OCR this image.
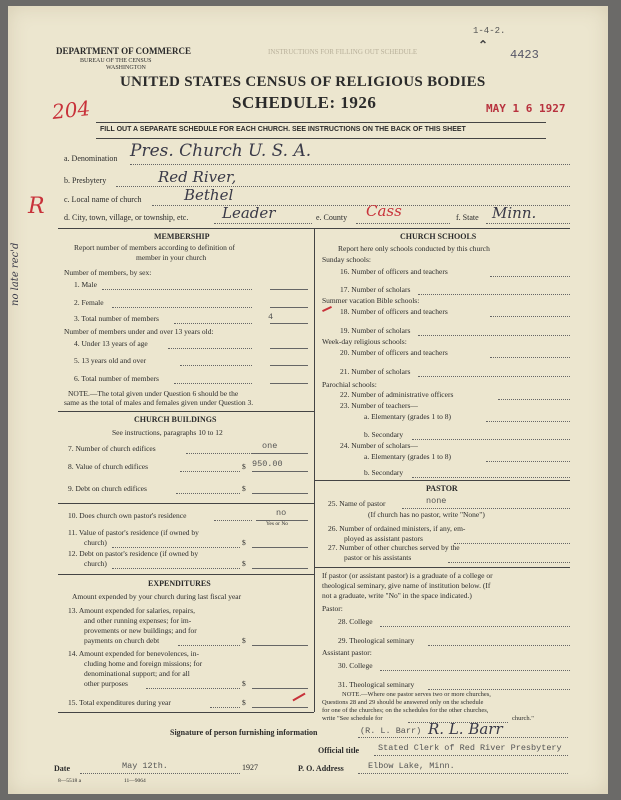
1-4-2.
⌃
4423
INSTRUCTIONS FOR FILLING OUT SCHEDULE
DEPARTMENT OF COMMERCE
BUREAU OF THE CENSUS
WASHINGTON
UNITED STATES CENSUS OF RELIGIOUS BODIES
SCHEDULE: 1926
204	MAY 1 6 1927
FILL OUT A SEPARATE SCHEDULE FOR EACH CHURCH. SEE INSTRUCTIONS ON THE BACK OF THIS SHEET
a. Denomination Pres. Church U. S. A.
b. Presbytery	Red River,
c. Local name of church	Bethel
d. City, town, village, or township, etc. Leader	e. County Cass	f. State Minn.
R
no late rec'd
MEMBERSHIP
Report number of members according to definition of
member in your church
Number of members, by sex:
1. Male
2. Female
3. Total number of members	4
Number of members under and over 13 years old:
4. Under 13 years of age
5. 13 years old and over
6. Total number of members
NOTE.—The total given under Question 6 should be the
same as the total of males and females given under Question 3.
CHURCH BUILDINGS
See instructions, paragraphs 10 to 12
7. Number of church edifices	one
8. Value of church edifices	$ 950.00
9. Debt on church edifices	$
10. Does church own pastor's residence	no
Yes or No
11. Value of pastor's residence (if owned by
church)	$
12. Debt on pastor's residence (if owned by
church)	$
EXPENDITURES
Amount expended by your church during last fiscal year
13. Amount expended for salaries, repairs,
and other running expenses; for im-
provements or new buildings; and for
payments on church debt	$
14. Amount expended for benevolences, in-
cluding home and foreign missions; for
denominational support; and for all
other purposes	$
15. Total expenditures during year	$
CHURCH SCHOOLS
Report here only schools conducted by this church
Sunday schools:
16. Number of officers and teachers
17. Number of scholars
Summer vacation Bible schools:
18. Number of officers and teachers
19. Number of scholars
Week-day religious schools:
20. Number of officers and teachers
21. Number of scholars
Parochial schools:
22. Number of administrative officers
23. Number of teachers—
a. Elementary (grades 1 to 8)
b. Secondary
24. Number of scholars—
a. Elementary (grades 1 to 8)
b. Secondary
PASTOR
25. Name of pastor	none
(If church has no pastor, write "None")
26. Number of ordained ministers, if any, em-
ployed as assistant pastors
27. Number of other churches served by the
pastor or his assistants
If pastor (or assistant pastor) is a graduate of a college or
theological seminary, give name of institution below. (If
not a graduate, write "No" in the space indicated.)
Pastor:
28. College
29. Theological seminary
Assistant pastor:
30. College
31. Theological seminary
NOTE.—Where one pastor serves two or more churches,
Questions 28 and 29 should be answered only on the schedule
for one of the churches; on the schedules for the other churches,
write "See schedule for	church."
Signature of person furnishing information	(R. L. Barr) R. L. Barr
Official title Stated Clerk of Red River Presbytery
Date	May 12th.	1927	P. O. Address	Elbow Lake, Minn.
8—5518 a	11—9064
